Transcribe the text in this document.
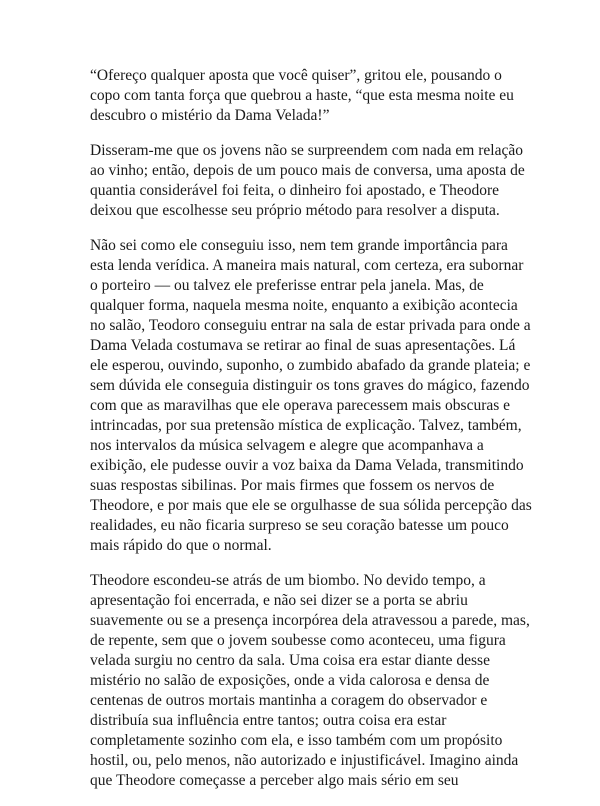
“Ofereço qualquer aposta que você quiser”, gritou ele, pousando o
copo com tanta força que quebrou a haste, “que esta mesma noite eu
descubro o mistério da Dama Velada!”

Disseram-me que os jovens não se surpreendem com nada em relação
ao vinho; então, depois de um pouco mais de conversa, uma aposta de
quantia considerável foi feita, o dinheiro foi apostado, e Theodore
deixou que escolhesse seu próprio método para resolver a disputa.

Não sei como ele conseguiu isso, nem tem grande importância para
esta lenda verídica. A maneira mais natural, com certeza, era subornar
o porteiro — ou talvez ele preferisse entrar pela janela. Mas, de
qualquer forma, naquela mesma noite, enquanto a exibição acontecia
no salão, Teodoro conseguiu entrar na sala de estar privada para onde a
Dama Velada costumava se retirar ao final de suas apresentações. Lá
ele esperou, ouvindo, suponho, o zumbido abafado da grande plateia; e
sem dúvida ele conseguia distinguir os tons graves do mágico, fazendo
com que as maravilhas que ele operava parecessem mais obscuras e
intrincadas, por sua pretensão mística de explicação. Talvez, também,
nos intervalos da música selvagem e alegre que acompanhava a
exibição, ele pudesse ouvir a voz baixa da Dama Velada, transmitindo
suas respostas sibilinas. Por mais firmes que fossem os nervos de
Theodore, e por mais que ele se orgulhasse de sua sólida percepção das
realidades, eu não ficaria surpreso se seu coração batesse um pouco
mais rápido do que o normal.

Theodore escondeu-se atrás de um biombo. No devido tempo, a
apresentação foi encerrada, e não sei dizer se a porta se abriu
suavemente ou se a presença incorpórea dela atravessou a parede, mas,
de repente, sem que o jovem soubesse como aconteceu, uma figura
velada surgiu no centro da sala. Uma coisa era estar diante desse
mistério no salão de exposições, onde a vida calorosa e densa de
centenas de outros mortais mantinha a coragem do observador e
distribuía sua influência entre tantos; outra coisa era estar
completamente sozinho com ela, e isso também com um propósito
hostil, ou, pelo menos, não autorizado e injustificável. Imagino ainda
que Theodore começasse a perceber algo mais sério em seu
